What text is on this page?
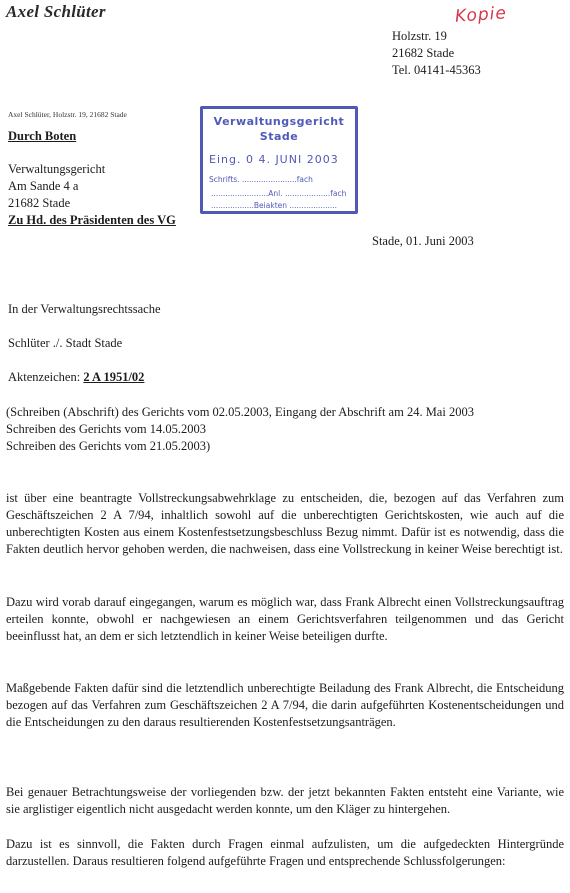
Axel Schlüter	Kopie
Holzstr. 19
21682 Stade
Tel. 04141-45363
Axel Schlüter, Holzstr. 19, 21682 Stade
Verwaltungsgericht
Stade
Eing. 0 4. JUNI 2003
Schrifts. .......................fach
........................Anl. ...................fach
..................Beiakten ....................
Durch Boten
Verwaltungsgericht
Am Sande 4 a
21682 Stade
Zu Hd. des Präsidenten des VG
Stade, 01. Juni 2003
In der Verwaltungsrechtssache
Schlüter ./. Stadt Stade
Aktenzeichen: 2 A 1951/02
(Schreiben (Abschrift) des Gerichts vom 02.05.2003, Eingang der Abschrift am 24. Mai 2003
Schreiben des Gerichts vom 14.05.2003
Schreiben des Gerichts vom 21.05.2003)
ist über eine beantragte Vollstreckungsabwehrklage zu entscheiden, die, bezogen auf das Verfahren zum Geschäftszeichen 2 A 7/94, inhaltlich sowohl auf die unberechtigten Gerichtskosten, wie auch auf die unberechtigten Kosten aus einem Kostenfestsetzungsbeschluss Bezug nimmt. Dafür ist es notwendig, dass die Fakten deutlich hervor gehoben werden, die nachweisen, dass eine Vollstreckung in keiner Weise berechtigt ist.
Dazu wird vorab darauf eingegangen, warum es möglich war, dass Frank Albrecht einen Vollstreckungsauftrag erteilen konnte, obwohl er nachgewiesen an einem Gerichtsverfahren teilgenommen und das Gericht beeinflusst hat, an dem er sich letztendlich in keiner Weise beteiligen durfte.
Maßgebende Fakten dafür sind die letztendlich unberechtigte Beiladung des Frank Albrecht, die Entscheidung bezogen auf das Verfahren zum Geschäftszeichen 2 A 7/94, die darin aufgeführten Kostenentscheidungen und die Entscheidungen zu den daraus resultierenden Kostenfestsetzungsanträgen.
Bei genauer Betrachtungsweise der vorliegenden bzw. der jetzt bekannten Fakten entsteht eine Variante, wie sie arglistiger eigentlich nicht ausgedacht werden konnte, um den Kläger zu hintergehen.
Dazu ist es sinnvoll, die Fakten durch Fragen einmal aufzulisten, um die aufgedeckten Hintergründe darzustellen. Daraus resultieren folgend aufgeführte Fragen und entsprechende Schlussfolgerungen:
